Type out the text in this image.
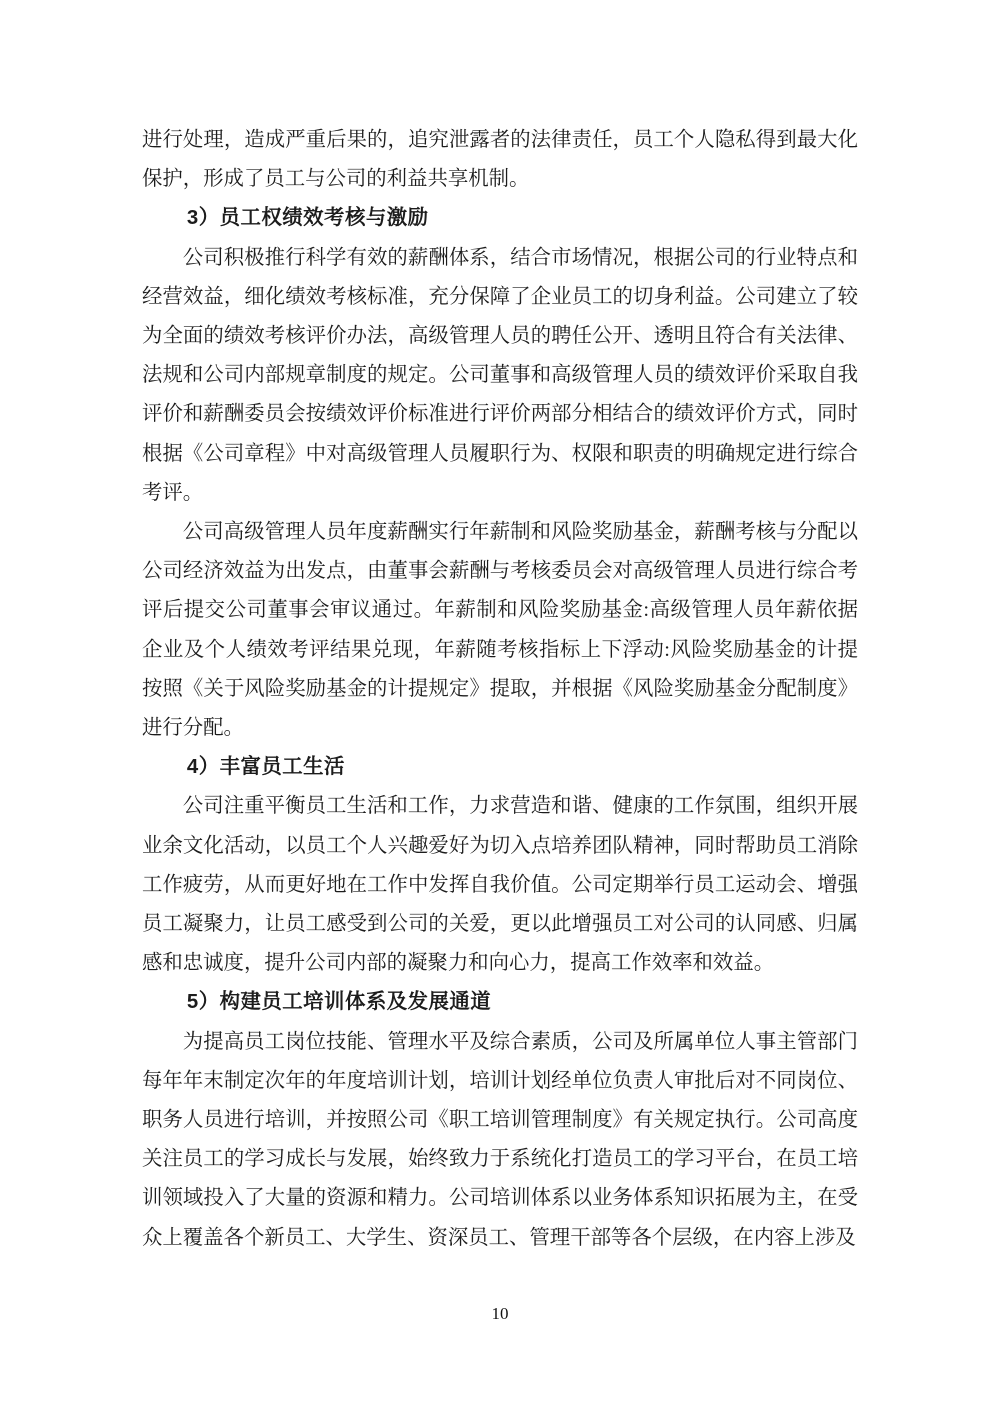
进行处理，造成严重后果的，追究泄露者的法律责任，员工个人隐私得到最大化保护，形成了员工与公司的利益共享机制。

3）员工权绩效考核与激励

公司积极推行科学有效的薪酬体系，结合市场情况，根据公司的行业特点和经营效益，细化绩效考核标准，充分保障了企业员工的切身利益。公司建立了较为全面的绩效考核评价办法，高级管理人员的聘任公开、透明且符合有关法律、法规和公司内部规章制度的规定。公司董事和高级管理人员的绩效评价采取自我评价和薪酬委员会按绩效评价标准进行评价两部分相结合的绩效评价方式，同时根据《公司章程》中对高级管理人员履职行为、权限和职责的明确规定进行综合考评。

公司高级管理人员年度薪酬实行年薪制和风险奖励基金，薪酬考核与分配以公司经济效益为出发点，由董事会薪酬与考核委员会对高级管理人员进行综合考评后提交公司董事会审议通过。年薪制和风险奖励基金:高级管理人员年薪依据企业及个人绩效考评结果兑现，年薪随考核指标上下浮动:风险奖励基金的计提按照《关于风险奖励基金的计提规定》提取，并根据《风险奖励基金分配制度》进行分配。

4）丰富员工生活

公司注重平衡员工生活和工作，力求营造和谐、健康的工作氛围，组织开展业余文化活动，以员工个人兴趣爱好为切入点培养团队精神，同时帮助员工消除工作疲劳，从而更好地在工作中发挥自我价值。公司定期举行员工运动会、增强员工凝聚力，让员工感受到公司的关爱，更以此增强员工对公司的认同感、归属感和忠诚度，提升公司内部的凝聚力和向心力，提高工作效率和效益。

5）构建员工培训体系及发展通道

为提高员工岗位技能、管理水平及综合素质，公司及所属单位人事主管部门每年年末制定次年的年度培训计划，培训计划经单位负责人审批后对不同岗位、职务人员进行培训，并按照公司《职工培训管理制度》有关规定执行。公司高度关注员工的学习成长与发展，始终致力于系统化打造员工的学习平台，在员工培训领域投入了大量的资源和精力。公司培训体系以业务体系知识拓展为主，在受众上覆盖各个新员工、大学生、资深员工、管理干部等各个层级，在内容上涉及

10
